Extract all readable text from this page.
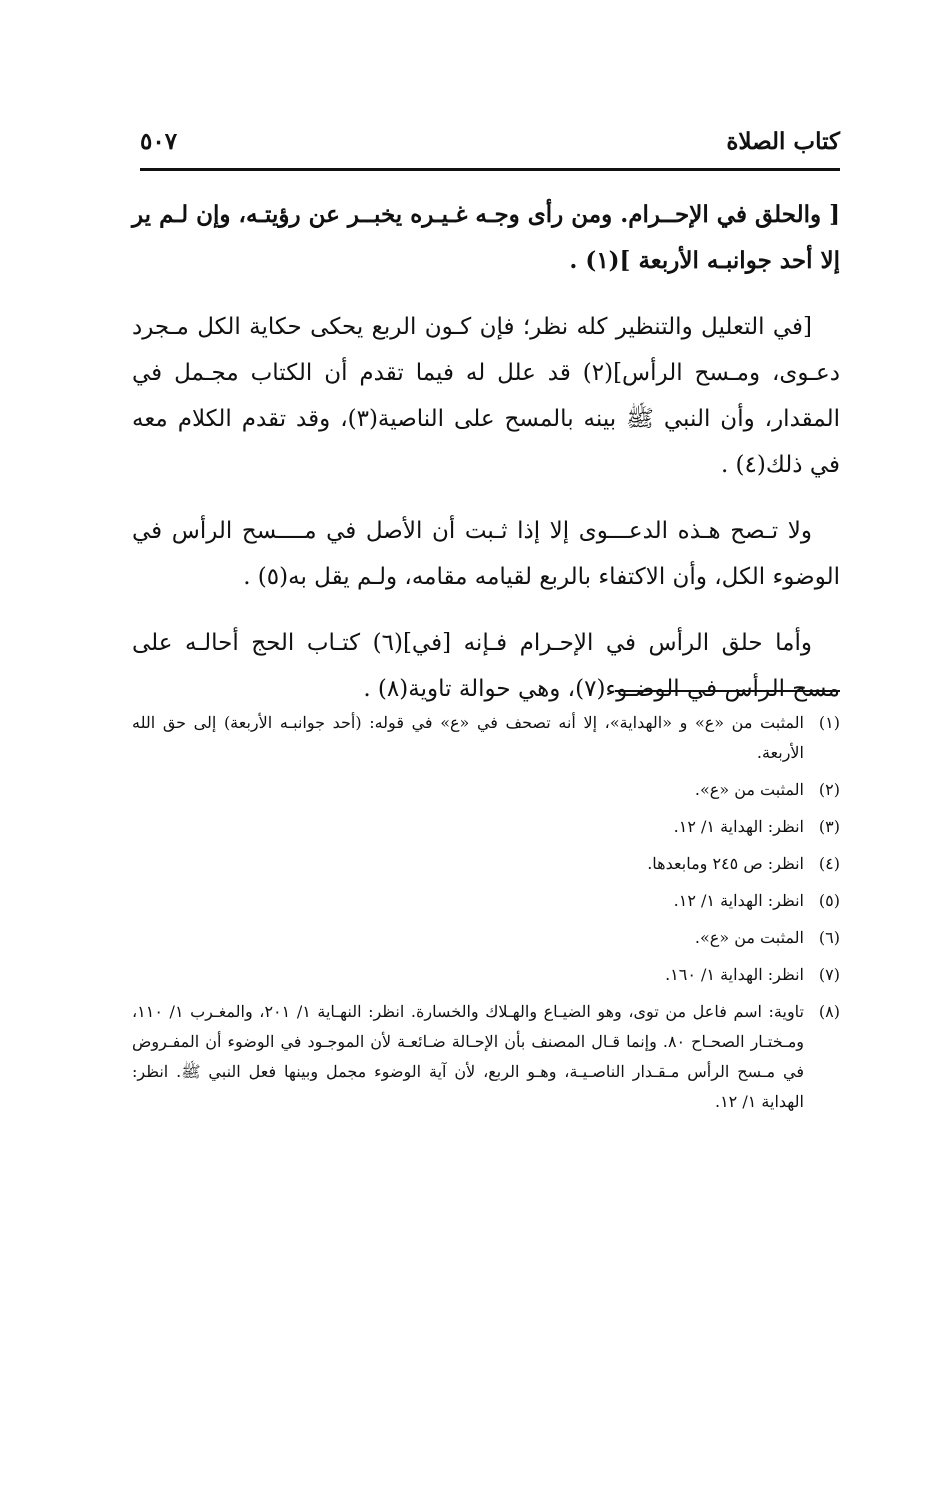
كتاب الصلاة
٥٠٧

[ والحلق في الإحــرام. ومن رأى وجـه غـيـره يخبــر عن رؤيتـه، وإن لـم ير إلا أحد جوانبـه الأربعة ](١) .

[في التعليل والتنظير كله نظر؛ فإن كـون الربع يحكى حكاية الكل مـجرد دعـوى، ومـسح الرأس](٢) قد علل له فيما تقدم أن الكتاب مجـمل في المقدار، وأن النبي ﷺ بينه بالمسح على الناصية(٣)، وقد تقدم الكلام معه في ذلك(٤) .

ولا تـصح هـذه الدعـــوى إلا إذا ثـبت أن الأصل في مــــسح الرأس في الوضوء الكل، وأن الاكتفاء بالربع لقيامه مقامه، ولـم يقل به(٥) .

وأما حلق الرأس في الإحـرام فـإنه [في](٦) كتـاب الحج أحالـه على مسح الرأس في الوضـوء(٧)، وهي حوالة تاوية(٨) .

(١)
المثبت من «ع» و «الهداية»، إلا أنه تصحف في «ع» في قوله: (أحد جوانبـه الأربعة) إلى حق الله الأربعة.
(٢)
المثبت من «ع».
(٣)
انظر: الهداية ١/ ١٢.
(٤)
انظر: ص ٢٤٥ ومابعدها.
(٥)
انظر: الهداية ١/ ١٢.
(٦)
المثبت من «ع».
(٧)
انظر: الهداية ١/ ١٦٠.
(٨)
تاوية: اسم فاعل من توى، وهو الضيـاع والهـلاك والخسارة. انظر: النهـاية ١/ ٢٠١، والمغـرب ١/ ١١٠، ومـختـار الصحـاح ٨٠. وإنما قـال المصنف بأن الإحـالة ضـائعـة لأن الموجـود في الوضوء أن المفـروض في مـسح الرأس مـقـدار الناصـيـة، وهـو الربع، لأن آية الوضوء مجمل وبينها فعل النبي ﷺ. انظر: الهداية ١/ ١٢.
